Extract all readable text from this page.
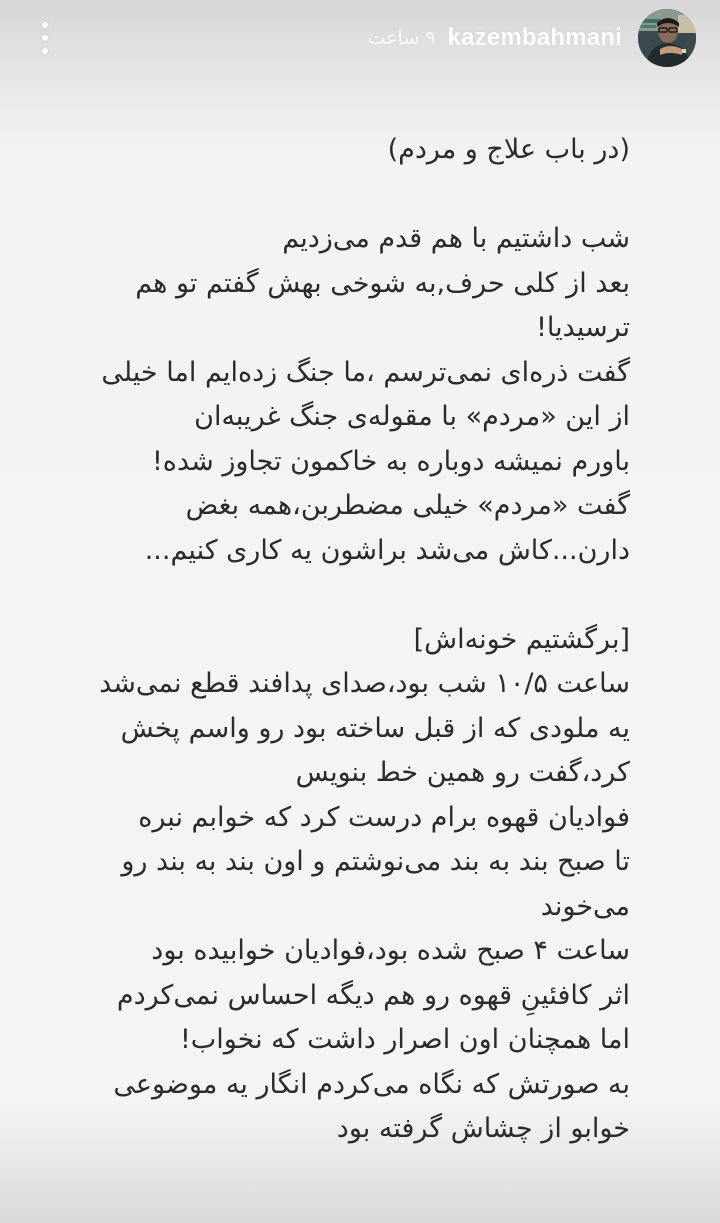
۹ ساعت kazembahmani
(در باب علاج و مردم)
شب داشتیم با هم قدم می‌زدیم
بعد از کلی حرف,به شوخی بهش گفتم تو هم
ترسیدیا!
گفت ذره‌ای نمی‌ترسم ،ما جنگ زده‌ایم اما خیلی
از این «مردم» با مقوله‌ی جنگ غریبه‌ان
باورم نمیشه دوباره به خاکمون تجاوز شده!
گفت «مردم» خیلی مضطربن،همه بغض
دارن...کاش می‌شد براشون یه کاری کنیم...
[برگشتیم خونه‌اش]
ساعت ۱۰/۵ شب بود،صدای پدافند قطع نمی‌شد
یه ملودی که از قبل ساخته بود رو واسم پخش
کرد،گفت رو همین خط بنویس
فوادیان قهوه برام درست کرد که خوابم نبره
تا صبح بند به بند می‌نوشتم و اون بند به بند رو
می‌خوند
ساعت ۴ صبح شده بود،فوادیان خوابیده بود
اثر کافئینِ قهوه رو هم دیگه احساس نمی‌کردم
اما همچنان اون اصرار داشت که نخواب!
به صورتش که نگاه می‌کردم انگار یه موضوعی
خوابو از چشاش گرفته بود
